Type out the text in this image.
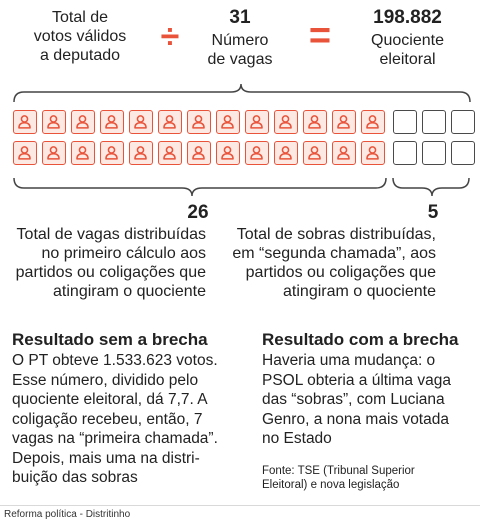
Total de
votos válidos
a deputado	÷
31
Número
de vagas
=	198.882
Quociente
eleitoral
26
Total de vagas distribuídas
no primeiro cálculo aos
partidos ou coligações que
atingiram o quociente
5
Total de sobras distribuídas,
em “segunda chamada”, aos
partidos ou coligações que
atingiram o quociente
Resultado sem a brecha
O PT obteve 1.533.623 votos.
Esse número, dividido pelo
quociente eleitoral, dá 7,7. A
coligação recebeu, então, 7
vagas na “primeira chamada”.
Depois, mais uma na distri-
buição das sobras
Resultado com a brecha
Haveria uma mudança: o
PSOL obteria a última vaga
das “sobras”, com Luciana
Genro, a nona mais votada
no Estado
Fonte: TSE (Tribunal Superior
Eleitoral) e nova legislação
Reforma política - Distritinho
